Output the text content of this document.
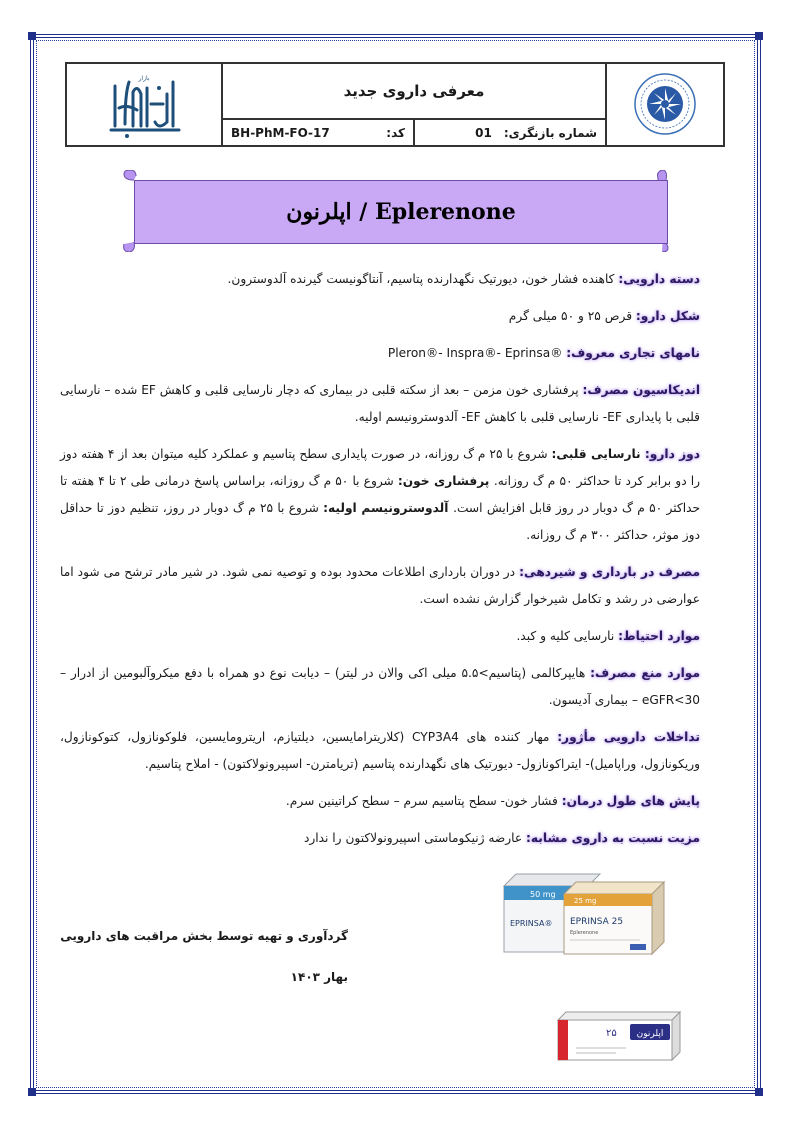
معرفی داروی جدید
شماره بازنگری:
01
کد:
BH-PhM-FO-17
بازار
اپلرنون / Eplerenone

دسته دارویی: کاهنده فشار خون، دیورتیک نگهدارنده پتاسیم، آنتاگونیست گیرنده آلدوسترون.

شکل دارو: قرص ۲۵ و ۵۰ میلی گرم

نامهای تجاری معروف: Pleron®- Inspra®- Eprinsa®

اندیکاسیون مصرف: پرفشاری خون مزمن – بعد از سکته قلبی در بیماری که دچار نارسایی قلبی و کاهش EF شده – نارسایی قلبی با پایداری EF- نارسایی قلبی با کاهش EF- آلدوسترونیسم اولیه.

دوز دارو: نارسایی قلبی: شروع با ۲۵ م گ روزانه، در صورت پایداری سطح پتاسیم و عملکرد کلیه میتوان بعد از ۴ هفته دوز را دو برابر کرد تا حداکثر ۵۰ م گ روزانه. پرفشاری خون: شروع با ۵۰ م گ روزانه، براساس پاسخ درمانی طی ۲ تا ۴ هفته تا حداکثر ۵۰ م گ دوبار در روز قابل افزایش است. آلدوسترونیسم اولیه: شروع با ۲۵ م گ دوبار در روز، تنظیم دوز تا حداقل دوز موثر، حداکثر ۳۰۰ م گ روزانه.

مصرف در بارداری و شیردهی: در دوران بارداری اطلاعات محدود بوده و توصیه نمی شود. در شیر مادر ترشح می شود اما عوارضی در رشد و تکامل شیرخوار گزارش نشده است.

موارد احتیاط: نارسایی کلیه و کبد.

موارد منع مصرف: هایپرکالمی (پتاسیم>۵.۵ میلی اکی والان در لیتر) – دیابت نوع دو همراه با دفع میکروآلبومین از ادرار – eGFR<30 – بیماری آدیسون.

تداخلات دارویی مأژور: مهار کننده های CYP3A4 (کلاریترامایسین، دیلتیازم، اریترومایسین، فلوکونازول، کتوکونازول، وریکونازول، وراپامیل)- ایتراکونازول- دیورتیک های نگهدارنده پتاسیم (تریامترن- اسپیرونولاکتون) - املاح پتاسیم.

پایش های طول درمان: فشار خون- سطح پتاسیم سرم – سطح کراتینین سرم.

مزیت نسبت به داروی مشابه: عارضه ژنیکوماستی اسپیرونولاکتون را ندارد

گردآوری و تهیه توسط بخش مراقبت های دارویی
بهار ۱۴۰۳
50 mg
EPRINSA®
25 mg
EPRINSA 25
Eplerenone
اپلرنون
۲۵
